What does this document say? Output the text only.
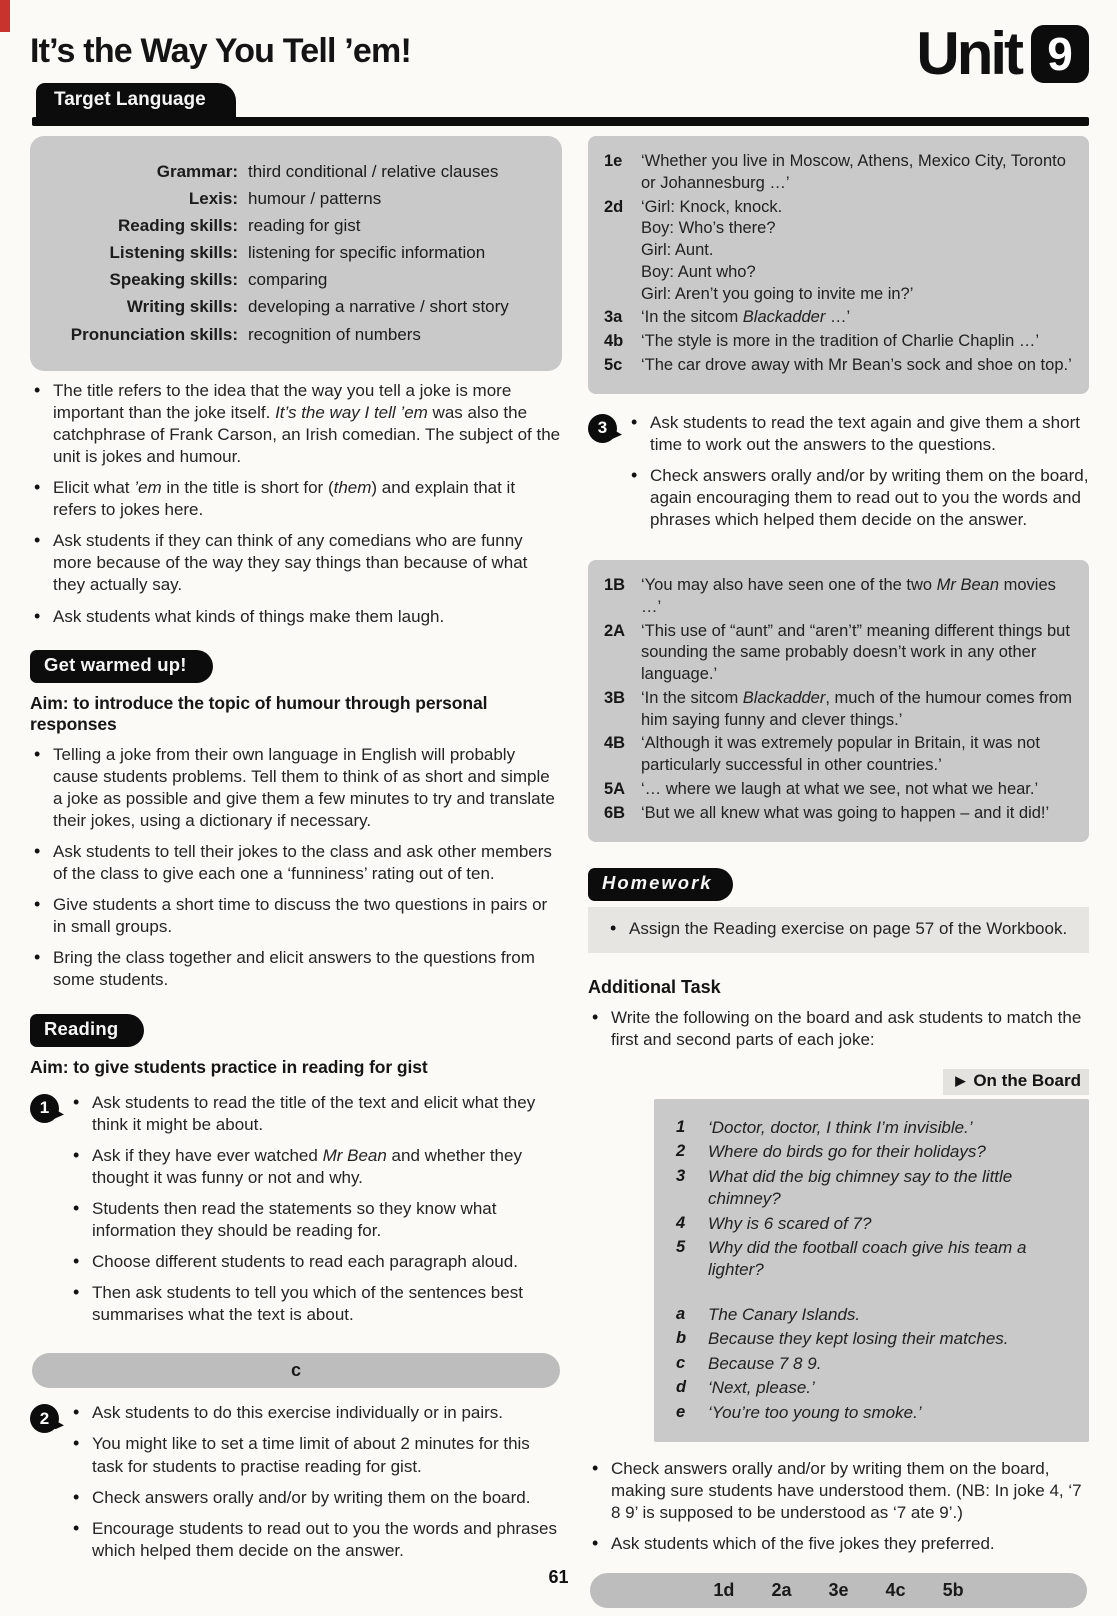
It’s the Way You Tell ’em!	Unit 9
Target Language
Grammar: third conditional / relative clauses
Lexis: humour / patterns
Reading skills: reading for gist
Listening skills: listening for specific information
Speaking skills: comparing
Writing skills: developing a narrative / short story
Pronunciation skills: recognition of numbers
• The title refers to the idea that the way you tell a joke is more important than the joke itself. It’s the way I tell ’em was also the catchphrase of Frank Carson, an Irish comedian. The subject of the unit is jokes and humour.
• Elicit what ’em in the title is short for (them) and explain that it refers to jokes here.
• Ask students if they can think of any comedians who are funny more because of the way they say things than because of what they actually say.
• Ask students what kinds of things make them laugh.
Get warmed up!
Aim: to introduce the topic of humour through personal responses
• Telling a joke from their own language in English will probably cause students problems. Tell them to think of as short and simple a joke as possible and give them a few minutes to try and translate their jokes, using a dictionary if necessary.
• Ask students to tell their jokes to the class and ask other members of the class to give each one a ‘funniness’ rating out of ten.
• Give students a short time to discuss the two questions in pairs or in small groups.
• Bring the class together and elicit answers to the questions from some students.
Reading
Aim: to give students practice in reading for gist
1	• Ask students to read the title of the text and elicit what they think it might be about.
• Ask if they have ever watched Mr Bean and whether they thought it was funny or not and why.
• Students then read the statements so they know what information they should be reading for.
• Choose different students to read each paragraph aloud.
• Then ask students to tell you which of the sentences best summarises what the text is about.
c
2	• Ask students to do this exercise individually or in pairs.
• You might like to set a time limit of about 2 minutes for this task for students to practise reading for gist.
• Check answers orally and/or by writing them on the board.
• Encourage students to read out to you the words and phrases which helped them decide on the answer.
1e	‘Whether you live in Moscow, Athens, Mexico City, Toronto or Johannesburg …’
2d	‘Girl: Knock, knock.
Boy: Who’s there?
Girl: Aunt.
Boy: Aunt who?
Girl: Aren’t you going to invite me in?’
3a	‘In the sitcom Blackadder …’
4b	‘The style is more in the tradition of Charlie Chaplin …’
5c	‘The car drove away with Mr Bean’s sock and shoe on top.’
3	• Ask students to read the text again and give them a short time to work out the answers to the questions.
• Check answers orally and/or by writing them on the board, again encouraging them to read out to you the words and phrases which helped them decide on the answer.
1B ‘You may also have seen one of the two Mr Bean movies …’
2A ‘This use of “aunt” and “aren’t” meaning different things but sounding the same probably doesn’t work in any other language.’
3B ‘In the sitcom Blackadder, much of the humour comes from him saying funny and clever things.’
4B ‘Although it was extremely popular in Britain, it was not particularly successful in other countries.’
5A ‘… where we laugh at what we see, not what we hear.’
6B ‘But we all knew what was going to happen – and it did!’
Homework
• Assign the Reading exercise on page 57 of the Workbook.
Additional Task
• Write the following on the board and ask students to match the first and second parts of each joke:
▶ On the Board
1	‘Doctor, doctor, I think I’m invisible.’
2	Where do birds go for their holidays?
3	What did the big chimney say to the little chimney?
4	Why is 6 scared of 7?
5	Why did the football coach give his team a lighter?
a	The Canary Islands.
b	Because they kept losing their matches.
c	Because 7 8 9.
d	‘Next, please.’
e	‘You’re too young to smoke.’
• Check answers orally and/or by writing them on the board, making sure students have understood them. (NB: In joke 4, ‘7 8 9’ is supposed to be understood as ‘7 ate 9’.)
• Ask students which of the five jokes they preferred.
1d 2a 3e 4c 5b
61
